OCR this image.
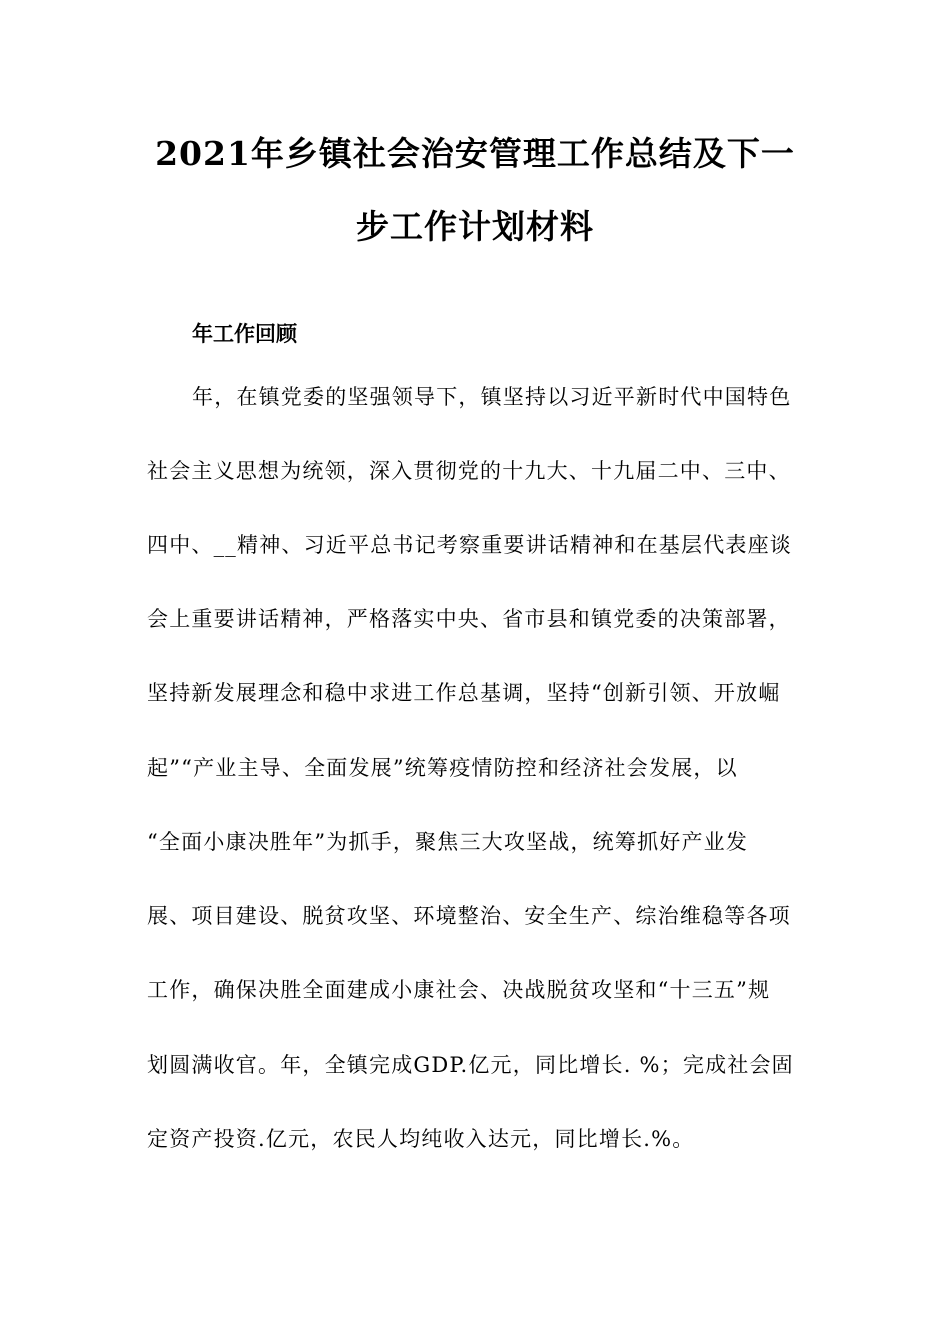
2021年乡镇社会治安管理工作总结及下一
步工作计划材料
年工作回顾
年，在镇党委的坚强领导下，镇坚持以习近平新时代中国特色
社会主义思想为统领，深入贯彻党的十九大、十九届二中、三中、
四中、__精神、习近平总书记考察重要讲话精神和在基层代表座谈
会上重要讲话精神，严格落实中央、省市县和镇党委的决策部署，
坚持新发展理念和稳中求进工作总基调，坚持“创新引领、开放崛
起”“产业主导、全面发展”统筹疫情防控和经济社会发展，以
“全面小康决胜年”为抓手，聚焦三大攻坚战，统筹抓好产业发
展、项目建设、脱贫攻坚、环境整治、安全生产、综治维稳等各项
工作，确保决胜全面建成小康社会、决战脱贫攻坚和“十三五”规
划圆满收官。年，全镇完成GDP.亿元，同比增长. %；完成社会固
定资产投资.亿元，农民人均纯收入达元，同比增长.%。
